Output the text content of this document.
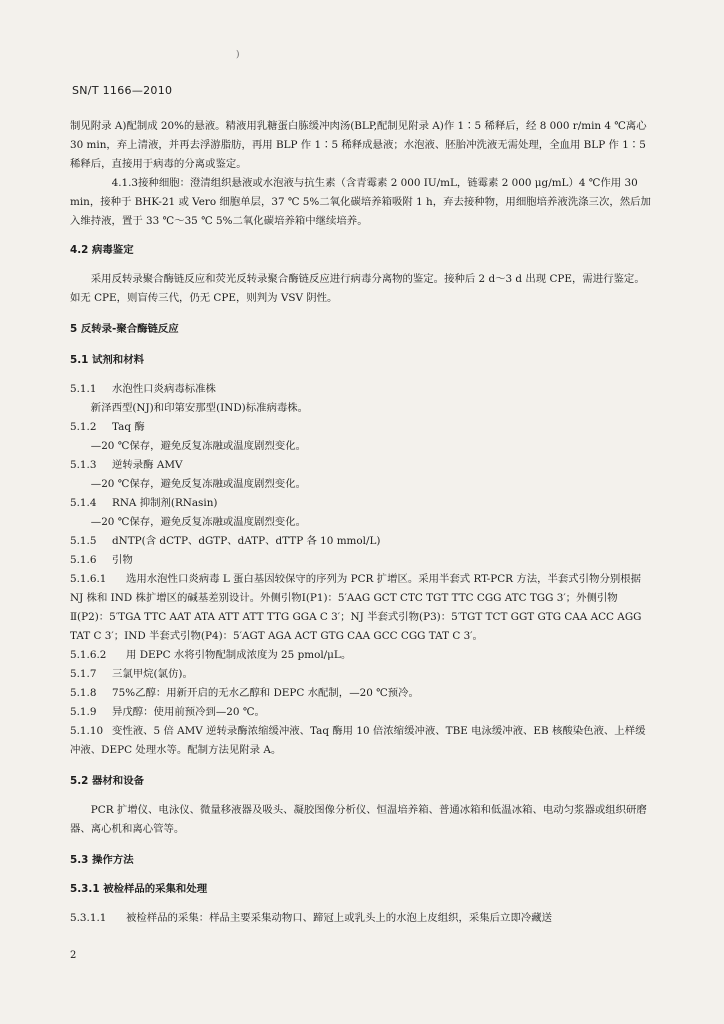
)
SN/T 1166—2010

制见附录 A)配制成 20%的悬液。精液用乳糖蛋白胨缓冲肉汤(BLP,配制见附录 A)作 1∶5 稀释后，经 8 000 r/min 4 ℃离心 30 min，弃上清液，并再去浮游脂肪，再用 BLP 作 1∶5 稀释成悬液；水泡液、胚胎冲洗液无需处理，全血用 BLP 作 1∶5 稀释后，直接用于病毒的分离或鉴定。

4.1.3接种细胞：澄清组织悬液或水泡液与抗生素（含青霉素 2 000 IU/mL，链霉素 2 000 μg/mL）4 ℃作用 30 min，接种于 BHK-21 或 Vero 细胞单层，37 ℃ 5%二氧化碳培养箱吸附 1 h，弃去接种物，用细胞培养液洗涤三次，然后加入维持液，置于 33 ℃～35 ℃ 5%二氧化碳培养箱中继续培养。

4.2 病毒鉴定

采用反转录聚合酶链反应和荧光反转录聚合酶链反应进行病毒分离物的鉴定。接种后 2 d～3 d 出现 CPE，需进行鉴定。如无 CPE，则盲传三代，仍无 CPE，则判为 VSV 阴性。

5 反转录-聚合酶链反应

5.1 试剂和材料

5.1.1 水泡性口炎病毒标准株

新泽西型(NJ)和印第安那型(IND)标准病毒株。

5.1.2 Taq 酶

—20 ℃保存，避免反复冻融或温度剧烈变化。

5.1.3 逆转录酶 AMV

—20 ℃保存，避免反复冻融或温度剧烈变化。

5.1.4 RNA 抑制剂(RNasin)

—20 ℃保存，避免反复冻融或温度剧烈变化。

5.1.5 dNTP(含 dCTP、dGTP、dATP、dTTP 各 10 mmol/L)

5.1.6 引物

5.1.6.1 选用水泡性口炎病毒 L 蛋白基因较保守的序列为 PCR 扩增区。采用半套式 RT-PCR 方法，半套式引物分别根据 NJ 株和 IND 株扩增区的碱基差别设计。外侧引物Ⅰ(P1)：5′AAG GCT CTC TGT TTC CGG ATC TGG 3′；外侧引物Ⅱ(P2)：5′TGA TTC AAT ATA ATT ATT TTG GGA C 3′；NJ 半套式引物(P3)：5′TGT TCT GGT GTG CAA ACC AGG TAT C 3′；IND 半套式引物(P4)：5′AGT AGA ACT GTG CAA GCC CGG TAT C 3′。

5.1.6.2 用 DEPC 水将引物配制成浓度为 25 pmol/μL。

5.1.7 三氯甲烷(氯仿)。

5.1.8 75%乙醇：用新开启的无水乙醇和 DEPC 水配制，—20 ℃预冷。

5.1.9 异戊醇：使用前预冷到—20 ℃。

5.1.10 变性液、5 倍 AMV 逆转录酶浓缩缓冲液、Taq 酶用 10 倍浓缩缓冲液、TBE 电泳缓冲液、EB 核酸染色液、上样缓冲液、DEPC 处理水等。配制方法见附录 A。

5.2 器材和设备

PCR 扩增仪、电泳仪、微量移液器及吸头、凝胶图像分析仪、恒温培养箱、普通冰箱和低温冰箱、电动匀浆器或组织研磨器、离心机和离心管等。

5.3 操作方法

5.3.1 被检样品的采集和处理

5.3.1.1 被检样品的采集：样品主要采集动物口、蹄冠上或乳头上的水泡上皮组织，采集后立即冷藏送

2
